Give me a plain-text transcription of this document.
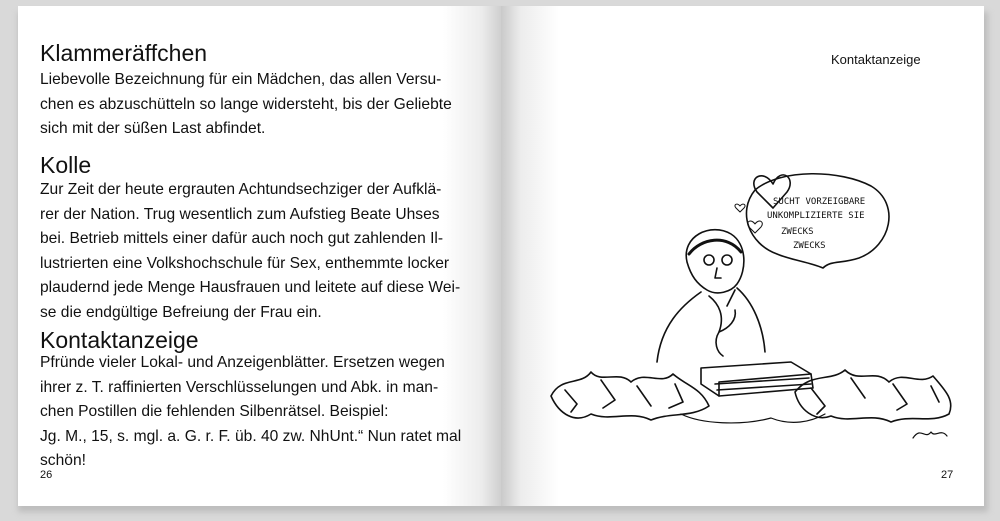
Klammeräffchen
Liebevolle Bezeichnung für ein Mädchen, das allen Versu-
chen es abzuschütteln so lange widersteht, bis der Geliebte
sich mit der süßen Last abfindet.
Kolle
Zur Zeit der heute ergrauten Achtundsechziger der Aufklä-
rer der Nation. Trug wesentlich zum Aufstieg Beate Uhses
bei. Betrieb mittels einer dafür auch noch gut zahlenden Il-
lustrierten eine Volkshochschule für Sex, enthemmte locker
plaudernd jede Menge Hausfrauen und leitete auf diese Wei-
se die endgültige Befreiung der Frau ein.
Kontaktanzeige
Pfründe vieler Lokal- und Anzeigenblätter. Ersetzen wegen
ihrer z. T. raffinierten Verschlüsselungen und Abk. in man-
chen Postillen die fehlenden Silbenrätsel. Beispiel:
Jg. M., 15, s. mgl. a. G. r. F. üb. 40 zw. NhUnt.“ Nun ratet mal
schön!
26
Kontaktanzeige
SUCHT VORZEIGBARE
UNKOMPLIZIERTE SIE
ZWECKS
ZWECKS
27
